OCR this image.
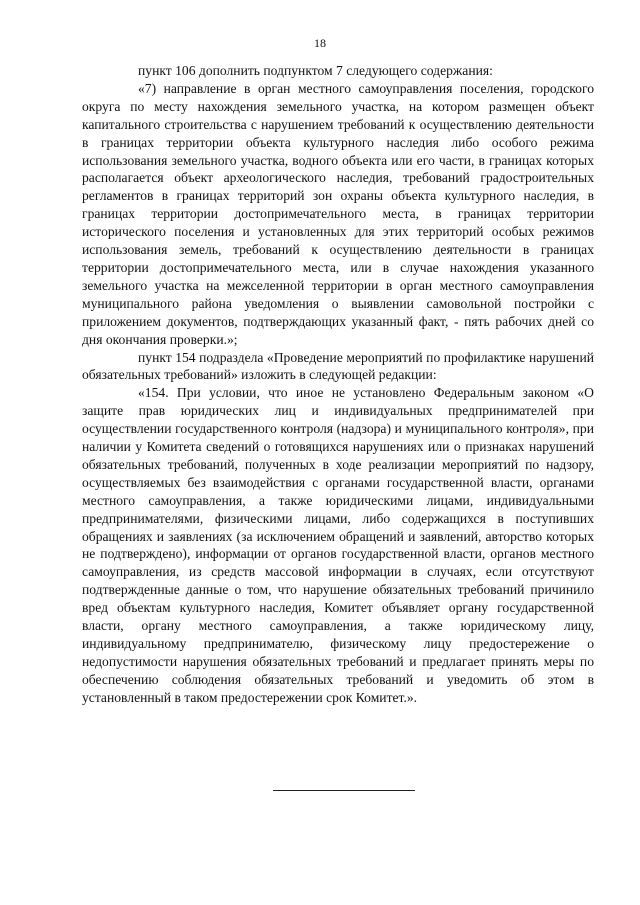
18

пункт 106 дополнить подпунктом 7 следующего содержания:

«7) направление в орган местного самоуправления поселения, городского округа по месту нахождения земельного участка, на котором размещен объект капитального строительства с нарушением требований к осуществлению деятельности в границах территории объекта культурного наследия либо особого режима использования земельного участка, водного объекта или его части, в границах которых располагается объект археологического наследия, требований градостроительных регламентов в границах территорий зон охраны объекта культурного наследия, в границах территории достопримечательного места, в границах территории исторического поселения и установленных для этих территорий особых режимов использования земель, требований к осуществлению деятельности в границах территории достопримечательного места, или в случае нахождения указанного земельного участка на межселенной территории в орган местного самоуправления муниципального района уведомления о выявлении самовольной постройки с приложением документов, подтверждающих указанный факт, - пять рабочих дней со дня окончания проверки.»;

пункт 154 подраздела «Проведение мероприятий по профилактике нарушений обязательных требований» изложить в следующей редакции:

«154. При условии, что иное не установлено Федеральным законом «О защите прав юридических лиц и индивидуальных предпринимателей при осуществлении государственного контроля (надзора) и муниципального контроля», при наличии у Комитета сведений о готовящихся нарушениях или о признаках нарушений обязательных требований, полученных в ходе реализации мероприятий по надзору, осуществляемых без взаимодействия с органами государственной власти, органами местного самоуправления, а также юридическими лицами, индивидуальными предпринимателями, физическими лицами, либо содержащихся в поступивших обращениях и заявлениях (за исключением обращений и заявлений, авторство которых не подтверждено), информации от органов государственной власти, органов местного самоуправления, из средств массовой информации в случаях, если отсутствуют подтвержденные данные о том, что нарушение обязательных требований причинило вред объектам культурного наследия, Комитет объявляет органу государственной власти, органу местного самоуправления, а также юридическому лицу, индивидуальному предпринимателю, физическому лицу предостережение о недопустимости нарушения обязательных требований и предлагает принять меры по обеспечению соблюдения обязательных требований и уведомить об этом в установленный в таком предостережении срок Комитет.».
